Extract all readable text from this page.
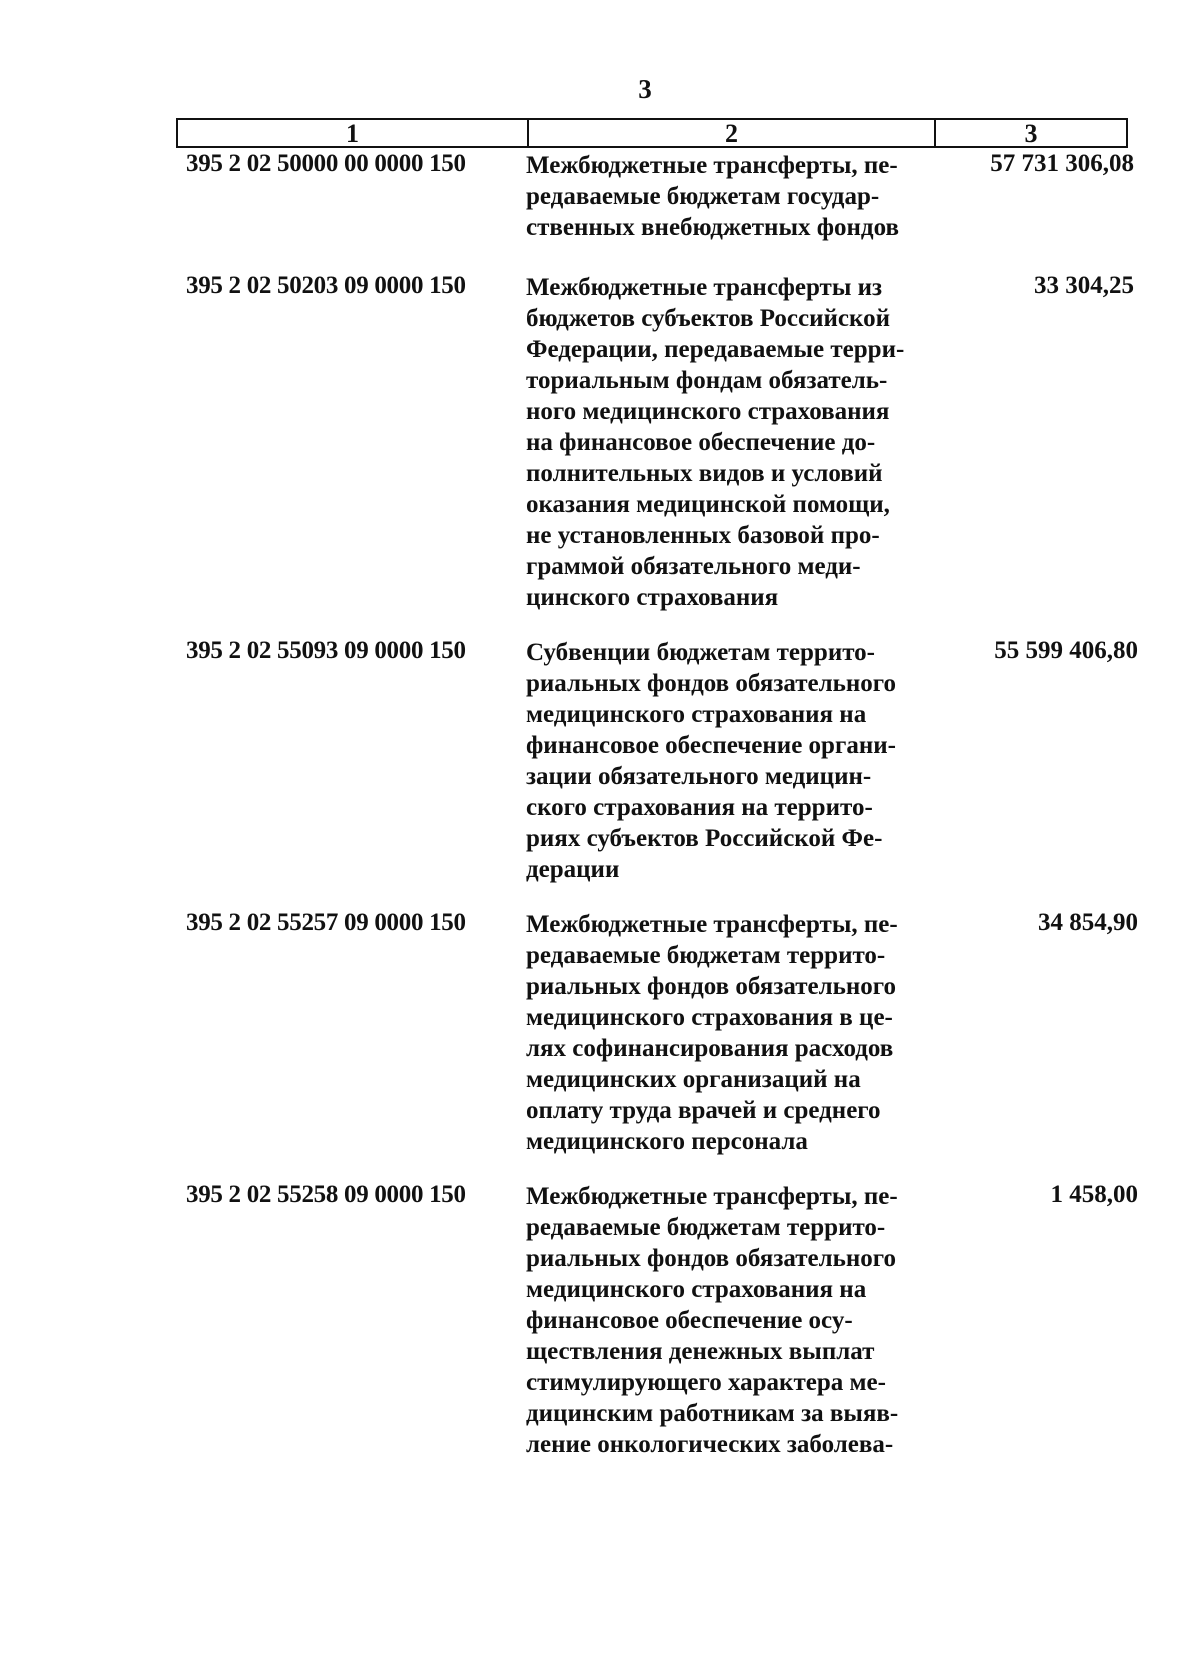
3
1	2	3
395 2 02 50000 00 0000 150 Межбюджетные трансферты, пе-
редаваемые бюджетам государ-
ственных внебюджетных фондов
57 731 306,08
395 2 02 50203 09 0000 150 Межбюджетные трансферты из
бюджетов субъектов Российской
Федерации, передаваемые терри-
ториальным фондам обязатель-
ного медицинского страхования
на финансовое обеспечение до-
полнительных видов и условий
оказания медицинской помощи,
не установленных базовой про-
граммой обязательного меди-
цинского страхования
33 304,25
395 2 02 55093 09 0000 150 Субвенции бюджетам террито-
риальных фондов обязательного
медицинского страхования на
финансовое обеспечение органи-
зации обязательного медицин-
ского страхования на террито-
риях субъектов Российской Фе-
дерации
55 599 406,80
395 2 02 55257 09 0000 150 Межбюджетные трансферты, пе-
редаваемые бюджетам террито-
риальных фондов обязательного
медицинского страхования в це-
лях софинансирования расходов
медицинских организаций на
оплату труда врачей и среднего
медицинского персонала
34 854,90
395 2 02 55258 09 0000 150 Межбюджетные трансферты, пе-
редаваемые бюджетам террито-
риальных фондов обязательного
медицинского страхования на
финансовое обеспечение осу-
ществления денежных выплат
стимулирующего характера ме-
дицинским работникам за выяв-
ление онкологических заболева-
1 458,00
